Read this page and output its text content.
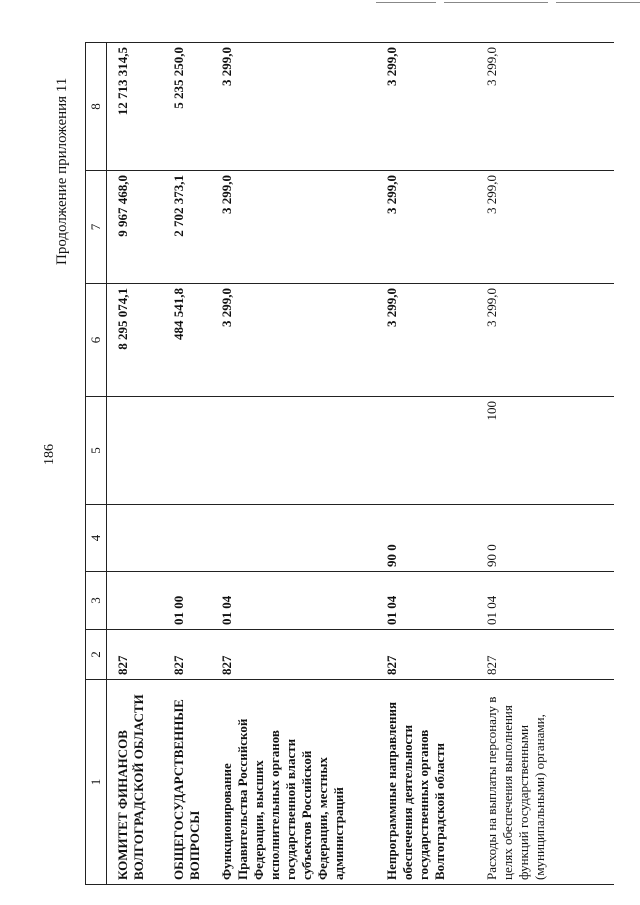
186
Продолжение приложения 11
1	2	3	4	5	6	7	8
КОМИТЕТ ФИНАНСОВ ВОЛГОГРАДСКОЙ ОБЛАСТИ	827				8 295 074,1	9 967 468,0	12 713 314,5
ОБЩЕГОСУДАРСТВЕННЫЕ ВОПРОСЫ	827	01 00			484 541,8	2 702 373,1	5 235 250,0
Функционирование Правительства Российской Федерации, высших исполнительных органов государственной власти субъектов Российской Федерации, местных администраций	827	01 04			3 299,0	3 299,0	3 299,0
Непрограммные направления обеспечения деятельности государственных органов Волгоградской области	827	01 04	90 0		3 299,0	3 299,0	3 299,0
Расходы на выплаты персоналу в целях обеспечения выполнения функций государственными (муниципальными) органами,	827	01 04	90 0	100	3 299,0	3 299,0	3 299,0
